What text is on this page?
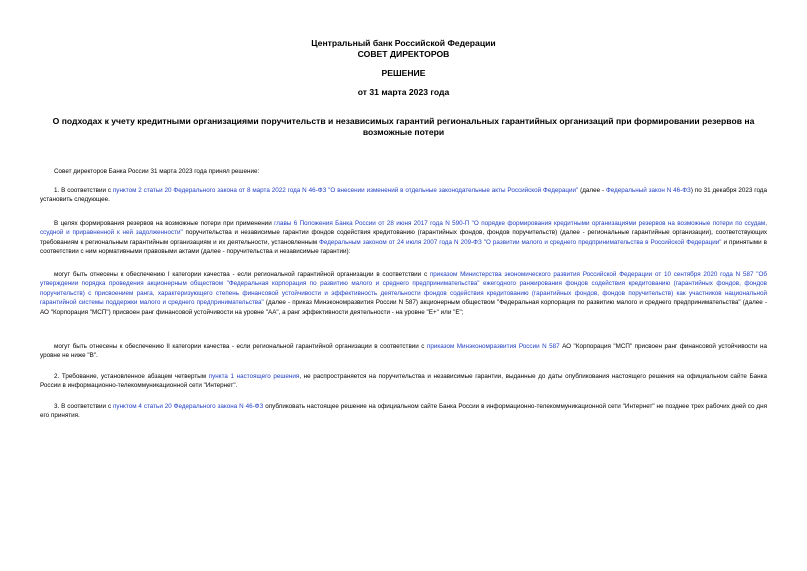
Центральный банк Российской Федерации
СОВЕТ ДИРЕКТОРОВ
РЕШЕНИЕ
от 31 марта 2023 года
О подходах к учету кредитными организациями поручительств и независимых гарантий региональных гарантийных организаций при формировании резервов на возможные потери

Совет директоров Банка России 31 марта 2023 года принял решение:

1. В соответствии с пунктом 2 статьи 20 Федерального закона от 8 марта 2022 года N 46-ФЗ "О внесении изменений в отдельные законодательные акты Российской Федерации" (далее - Федеральный закон N 46-ФЗ) по 31 декабря 2023 года установить следующее.

В целях формирования резервов на возможные потери при применении главы 6 Положения Банка России от 28 июня 2017 года N 590-П "О порядке формирования кредитными организациями резервов на возможные потери по ссудам, ссудной и приравненной к ней задолженности" поручительства и независимые гарантии фондов содействия кредитованию (гарантийных фондов, фондов поручительств) (далее - региональные гарантийные организации), соответствующих требованиям к региональным гарантийным организациям и их деятельности, установленным Федеральным законом от 24 июля 2007 года N 209-ФЗ "О развитии малого и среднего предпринимательства в Российской Федерации" и принятыми в соответствии с ним нормативными правовыми актами (далее - поручительства и независимые гарантии):

могут быть отнесены к обеспечению I категории качества - если региональной гарантийной организации в соответствии с приказом Министерства экономического развития Российской Федерации от 10 сентября 2020 года N 587 "Об утверждении порядка проведения акционерным обществом "Федеральная корпорация по развитию малого и среднего предпринимательства" ежегодного ранжирования фондов содействия кредитованию (гарантийных фондов, фондов поручительств) с присвоением ранга, характеризующего степень финансовой устойчивости и эффективность деятельности фондов содействия кредитованию (гарантийных фондов, фондов поручительств) как участников национальной гарантийной системы поддержки малого и среднего предпринимательства" (далее - приказ Минэкономразвития России N 587) акционерным обществом "Федеральная корпорация по развитию малого и среднего предпринимательства" (далее - АО "Корпорация "МСП") присвоен ранг финансовой устойчивости на уровне "АА", а ранг эффективности деятельности - на уровне "Е+" или "Е";

могут быть отнесены к обеспечению II категории качества - если региональной гарантийной организации в соответствии с приказом Минэкономразвития России N 587 АО "Корпорация "МСП" присвоен ранг финансовой устойчивости на уровне не ниже "В".

2. Требование, установленное абзацем четвертым пункта 1 настоящего решения, не распространяется на поручительства и независимые гарантии, выданные до даты опубликования настоящего решения на официальном сайте Банка России в информационно-телекоммуникационной сети "Интернет".

3. В соответствии с пунктом 4 статьи 20 Федерального закона N 46-ФЗ опубликовать настоящее решение на официальном сайте Банка России в информационно-телекоммуникационной сети "Интернет" не позднее трех рабочих дней со дня его принятия.
